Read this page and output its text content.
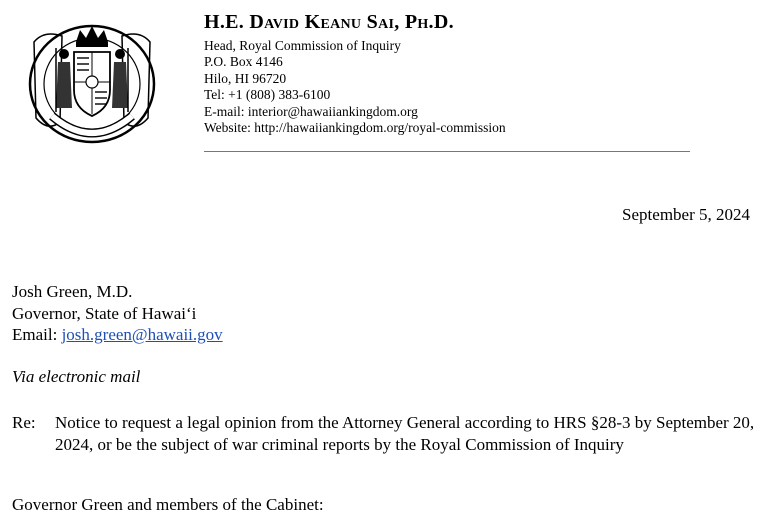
H.E. David Keanu Sai, Ph.D.
Head, Royal Commission of Inquiry
P.O. Box 4146
Hilo, HI 96720
Tel: +1 (808) 383-6100
E-mail: interior@hawaiiankingdom.org
Website: http://hawaiiankingdom.org/royal-commission
September 5, 2024
Josh Green, M.D.
Governor, State of Hawai‘i
Email: josh.green@hawaii.gov
Via electronic mail
Re: Notice to request a legal opinion from the Attorney General according to HRS §28-3 by September 20, 2024, or be the subject of war criminal reports by the Royal Commission of Inquiry
Governor Green and members of the Cabinet:
